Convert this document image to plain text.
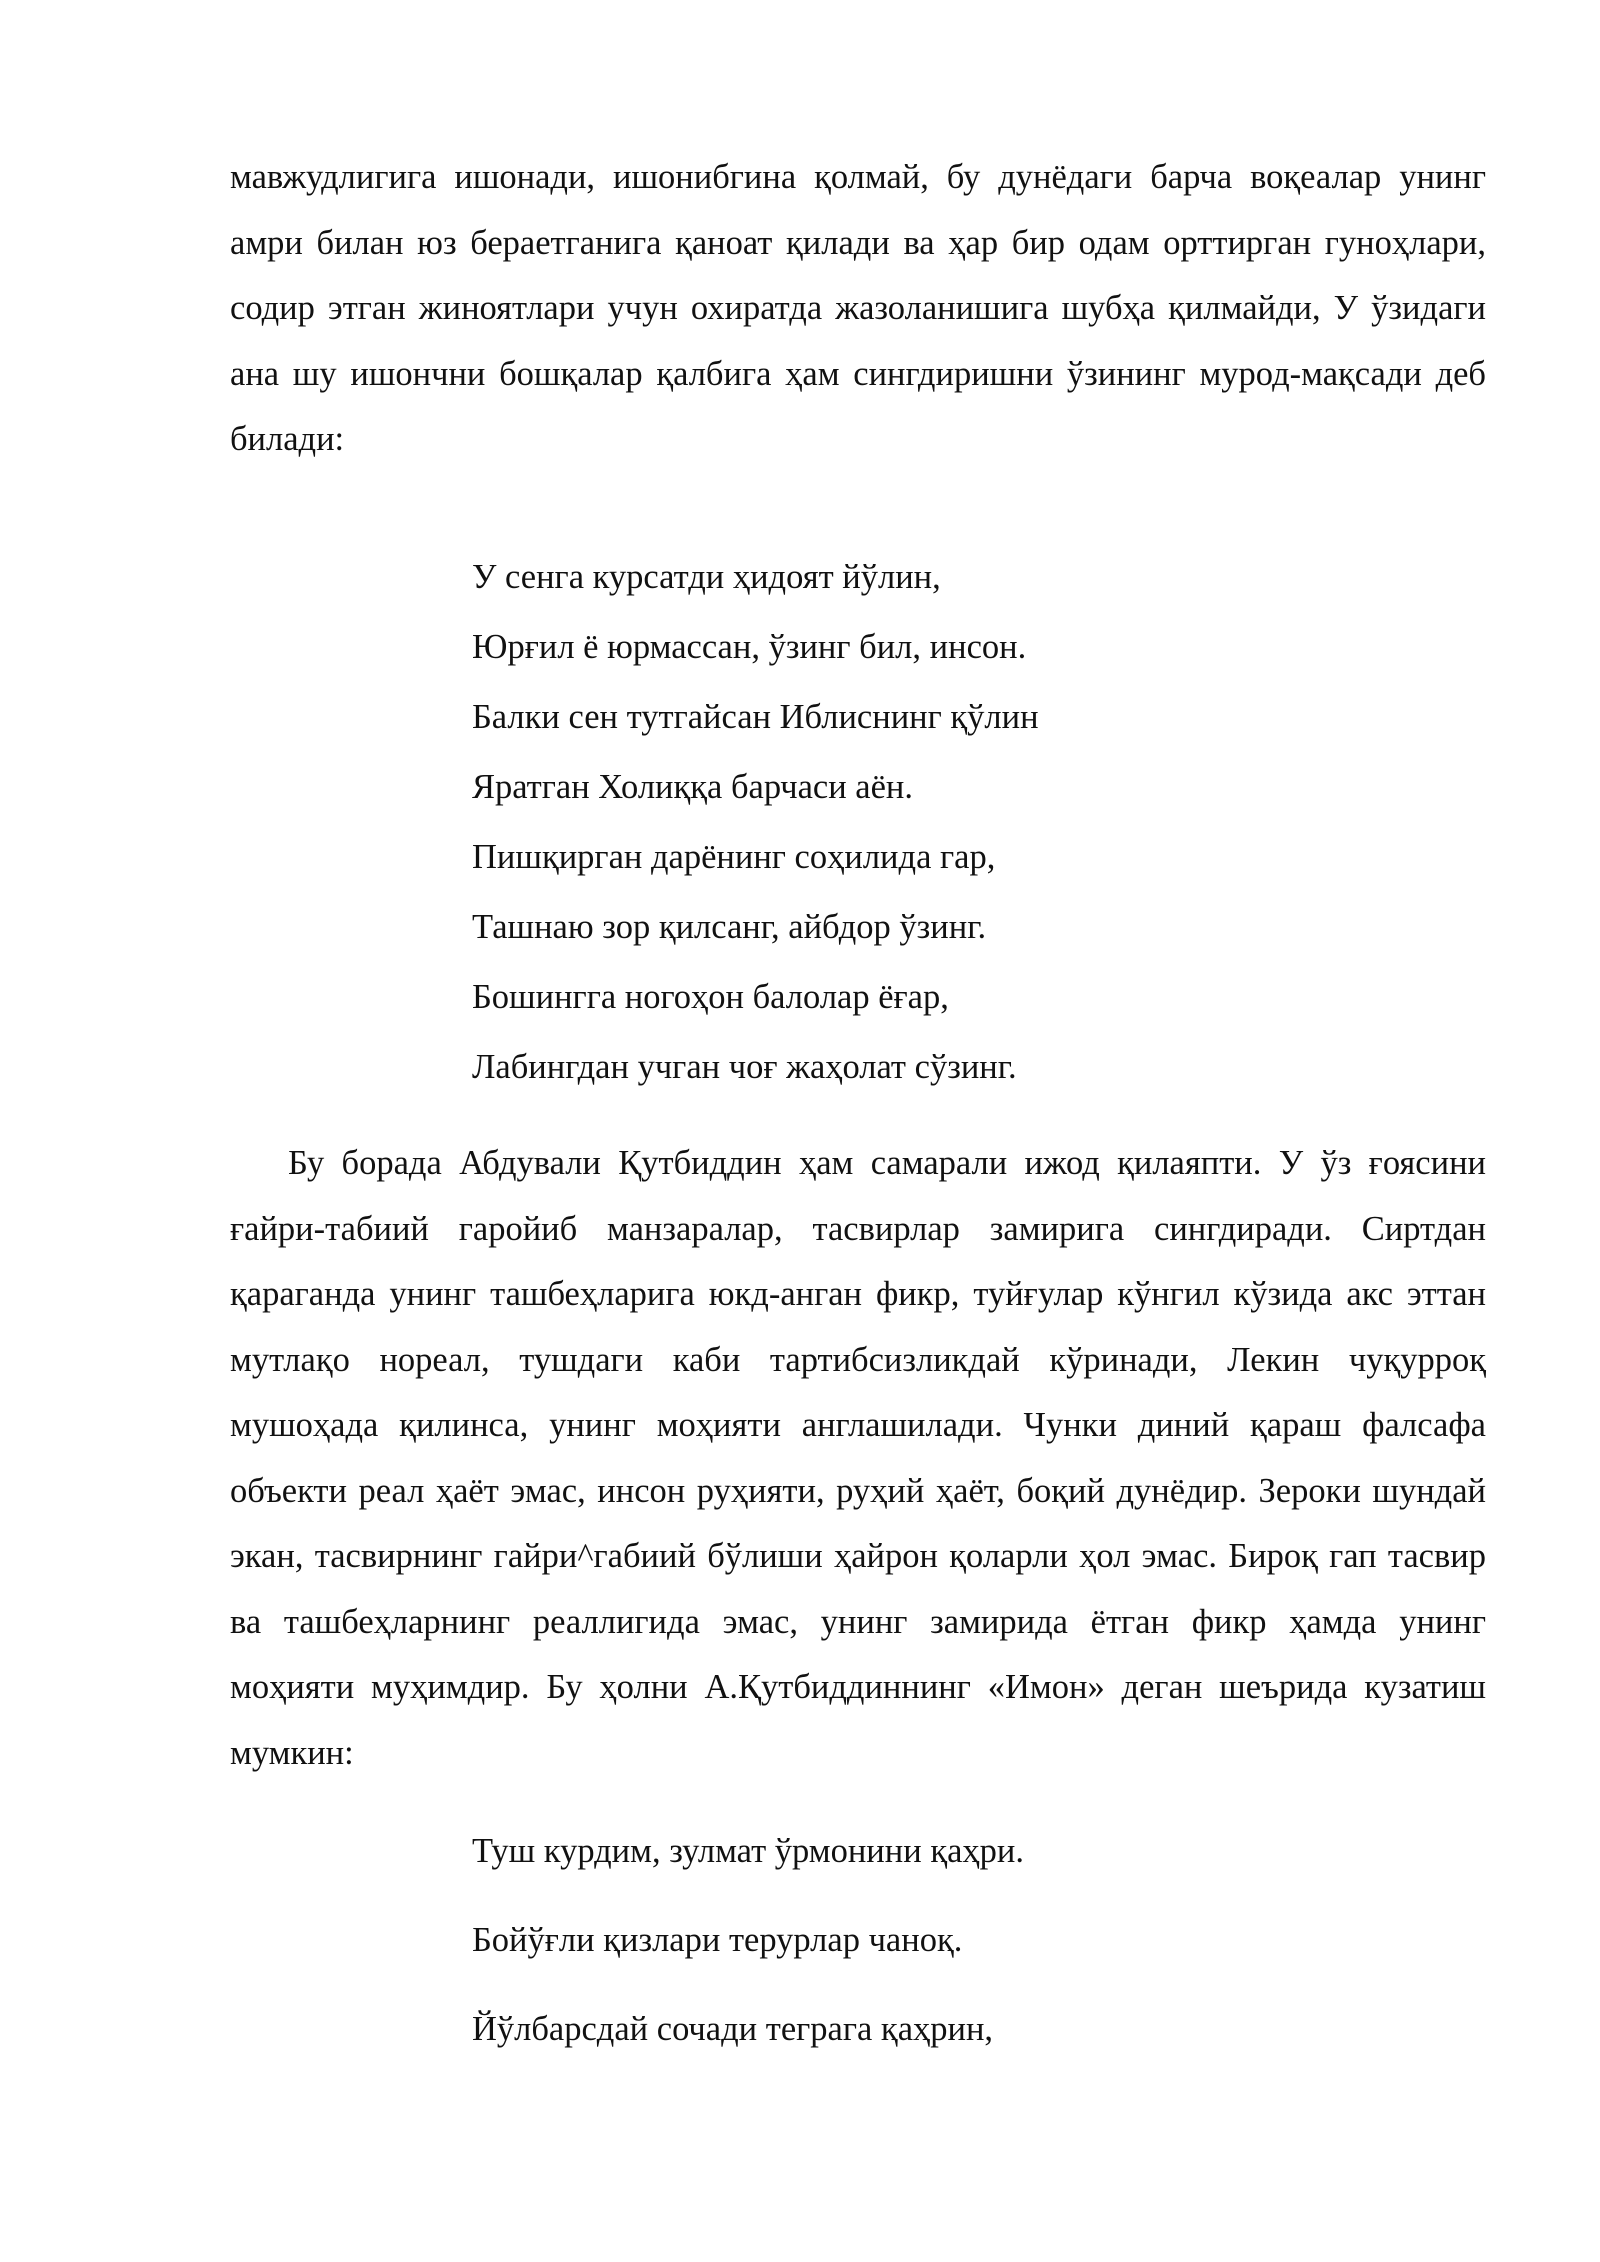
мавжудлигига ишонади, ишонибгина қолмай, бу дунёдаги барча воқеалар унинг амри билан юз бераетганига қаноат қилади ва ҳар бир одам орттирган гуноҳлари, содир этган жиноятлари учун охиратда жазоланишига шубҳа қилмайди, У ўзидаги ана шу ишончни бошқалар қалбига ҳам сингдиришни ўзининг мурод-мақсади деб билади:

У сенга курсатди ҳидоят йўлин,
Юрғил ё юрмассан, ўзинг бил, инсон.
Балки сен тутгайсан Иблиснинг қўлин
Яратган Холиққа барчаси аён.
Пишқирган дарёнинг соҳилида гар,
Ташнаю зор қилсанг, айбдор ўзинг.
Бошингга ногоҳон балолар ёғар,
Лабингдан учган чоғ жаҳолат сўзинг.

Бу борада Абдували Қутбиддин ҳам самарали ижод қилаяпти. У ўз ғоясини ғайри-табиий гаройиб манзаралар, тасвирлар замирига сингдиради. Сиртдан қараганда унинг ташбеҳларига юкд-анган фикр, туйғулар кўнгил кўзида акс эттан мутлақо нореал, тушдаги каби тартибсизликдай кўринади, Лекин чуқурроқ мушоҳада қилинса, унинг моҳияти англашилади. Чунки диний қараш фалсафа объекти реал ҳаёт эмас, инсон руҳияти, руҳий ҳаёт, боқий дунёдир. Зероки шундай экан, тасвирнинг гайри^габиий бўлиши ҳайрон қоларли ҳол эмас. Бироқ гап тасвир ва ташбеҳларнинг реаллигида эмас, унинг замирида ётган фикр ҳамда унинг моҳияти муҳимдир. Бу ҳолни А.Қутбиддиннинг «Имон» деган шеърида кузатиш мумкин:

Туш курдим, зулмат ўрмонини қаҳри.
Бойўғли қизлари терурлар чаноқ.
Йўлбарсдай сочади теграга қаҳрин,
